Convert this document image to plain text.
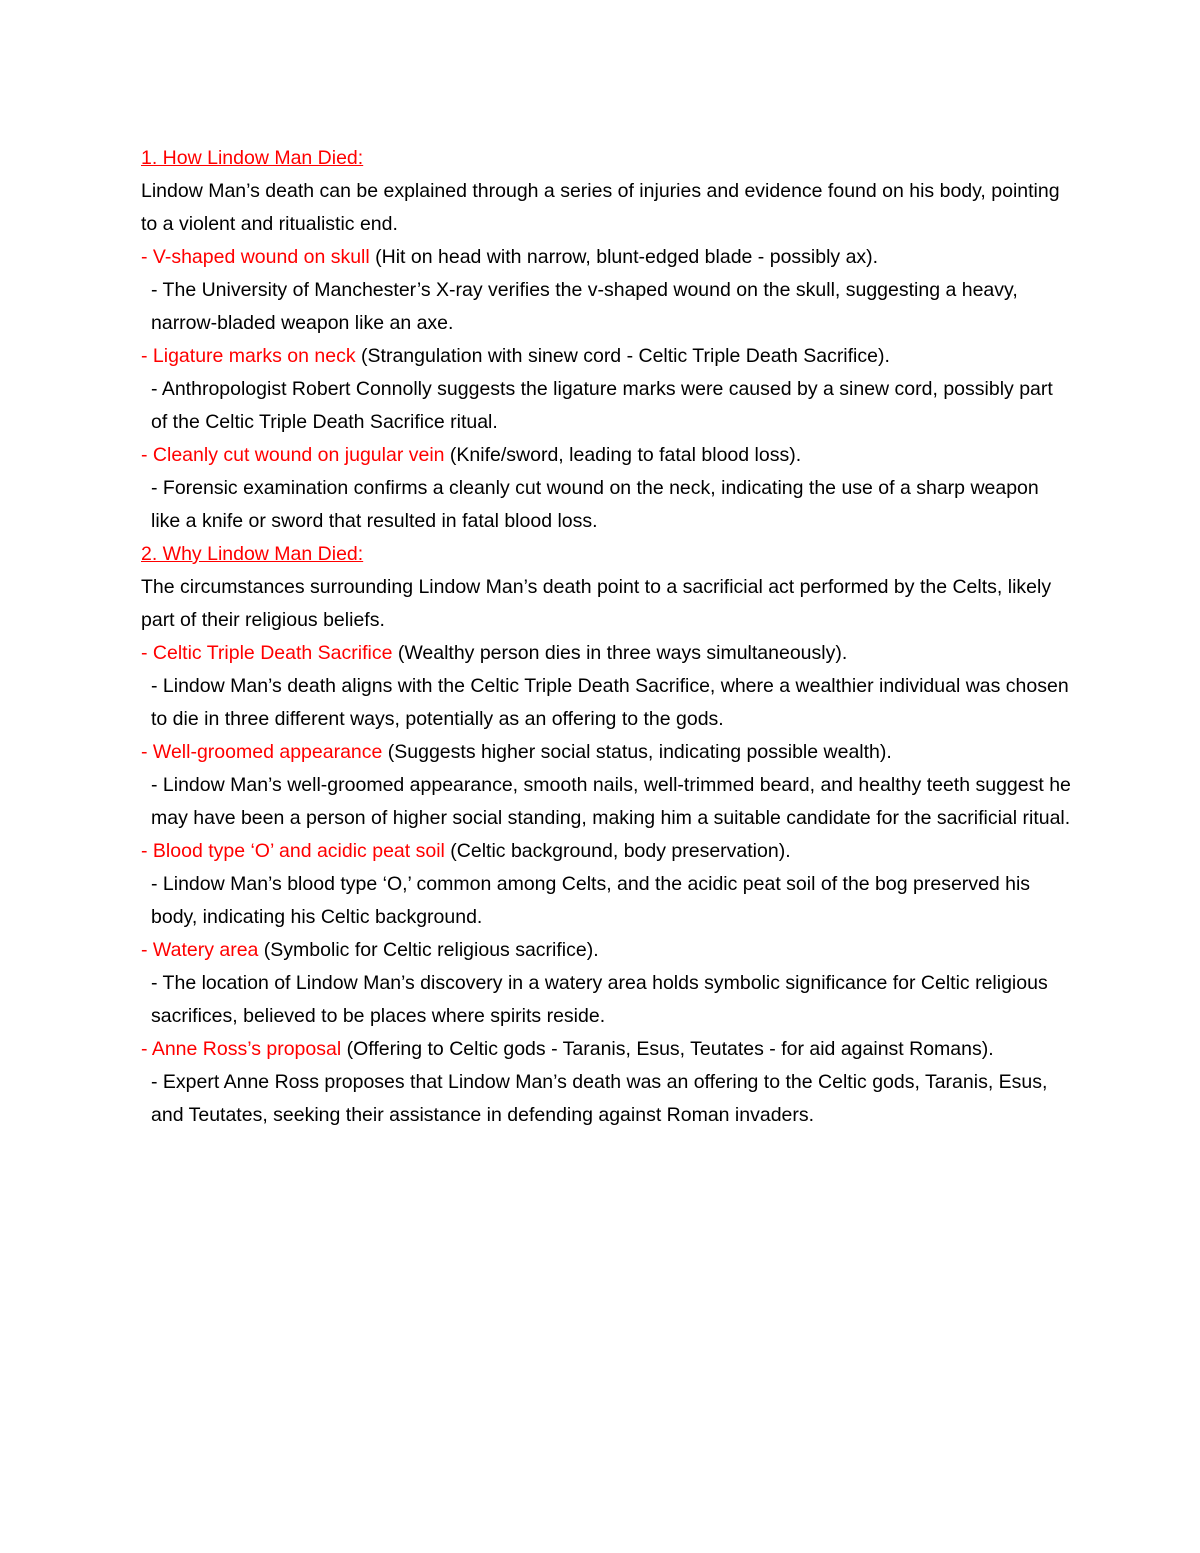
1. How Lindow Man Died:
Lindow Man’s death can be explained through a series of injuries and evidence found on his body, pointing to a violent and ritualistic end.
- V-shaped wound on skull (Hit on head with narrow, blunt-edged blade - possibly ax).
- The University of Manchester’s X-ray verifies the v-shaped wound on the skull, suggesting a heavy, narrow-bladed weapon like an axe.
- Ligature marks on neck (Strangulation with sinew cord - Celtic Triple Death Sacrifice).
- Anthropologist Robert Connolly suggests the ligature marks were caused by a sinew cord, possibly part of the Celtic Triple Death Sacrifice ritual.
- Cleanly cut wound on jugular vein (Knife/sword, leading to fatal blood loss).
- Forensic examination confirms a cleanly cut wound on the neck, indicating the use of a sharp weapon like a knife or sword that resulted in fatal blood loss.
2. Why Lindow Man Died:
The circumstances surrounding Lindow Man’s death point to a sacrificial act performed by the Celts, likely part of their religious beliefs.
- Celtic Triple Death Sacrifice (Wealthy person dies in three ways simultaneously).
- Lindow Man’s death aligns with the Celtic Triple Death Sacrifice, where a wealthier individual was chosen to die in three different ways, potentially as an offering to the gods.
- Well-groomed appearance (Suggests higher social status, indicating possible wealth).
- Lindow Man’s well-groomed appearance, smooth nails, well-trimmed beard, and healthy teeth suggest he may have been a person of higher social standing, making him a suitable candidate for the sacrificial ritual.
- Blood type ‘O’ and acidic peat soil (Celtic background, body preservation).
- Lindow Man’s blood type ‘O,’ common among Celts, and the acidic peat soil of the bog preserved his body, indicating his Celtic background.
- Watery area (Symbolic for Celtic religious sacrifice).
- The location of Lindow Man’s discovery in a watery area holds symbolic significance for Celtic religious sacrifices, believed to be places where spirits reside.
- Anne Ross’s proposal (Offering to Celtic gods - Taranis, Esus, Teutates - for aid against Romans).
- Expert Anne Ross proposes that Lindow Man’s death was an offering to the Celtic gods, Taranis, Esus, and Teutates, seeking their assistance in defending against Roman invaders.
